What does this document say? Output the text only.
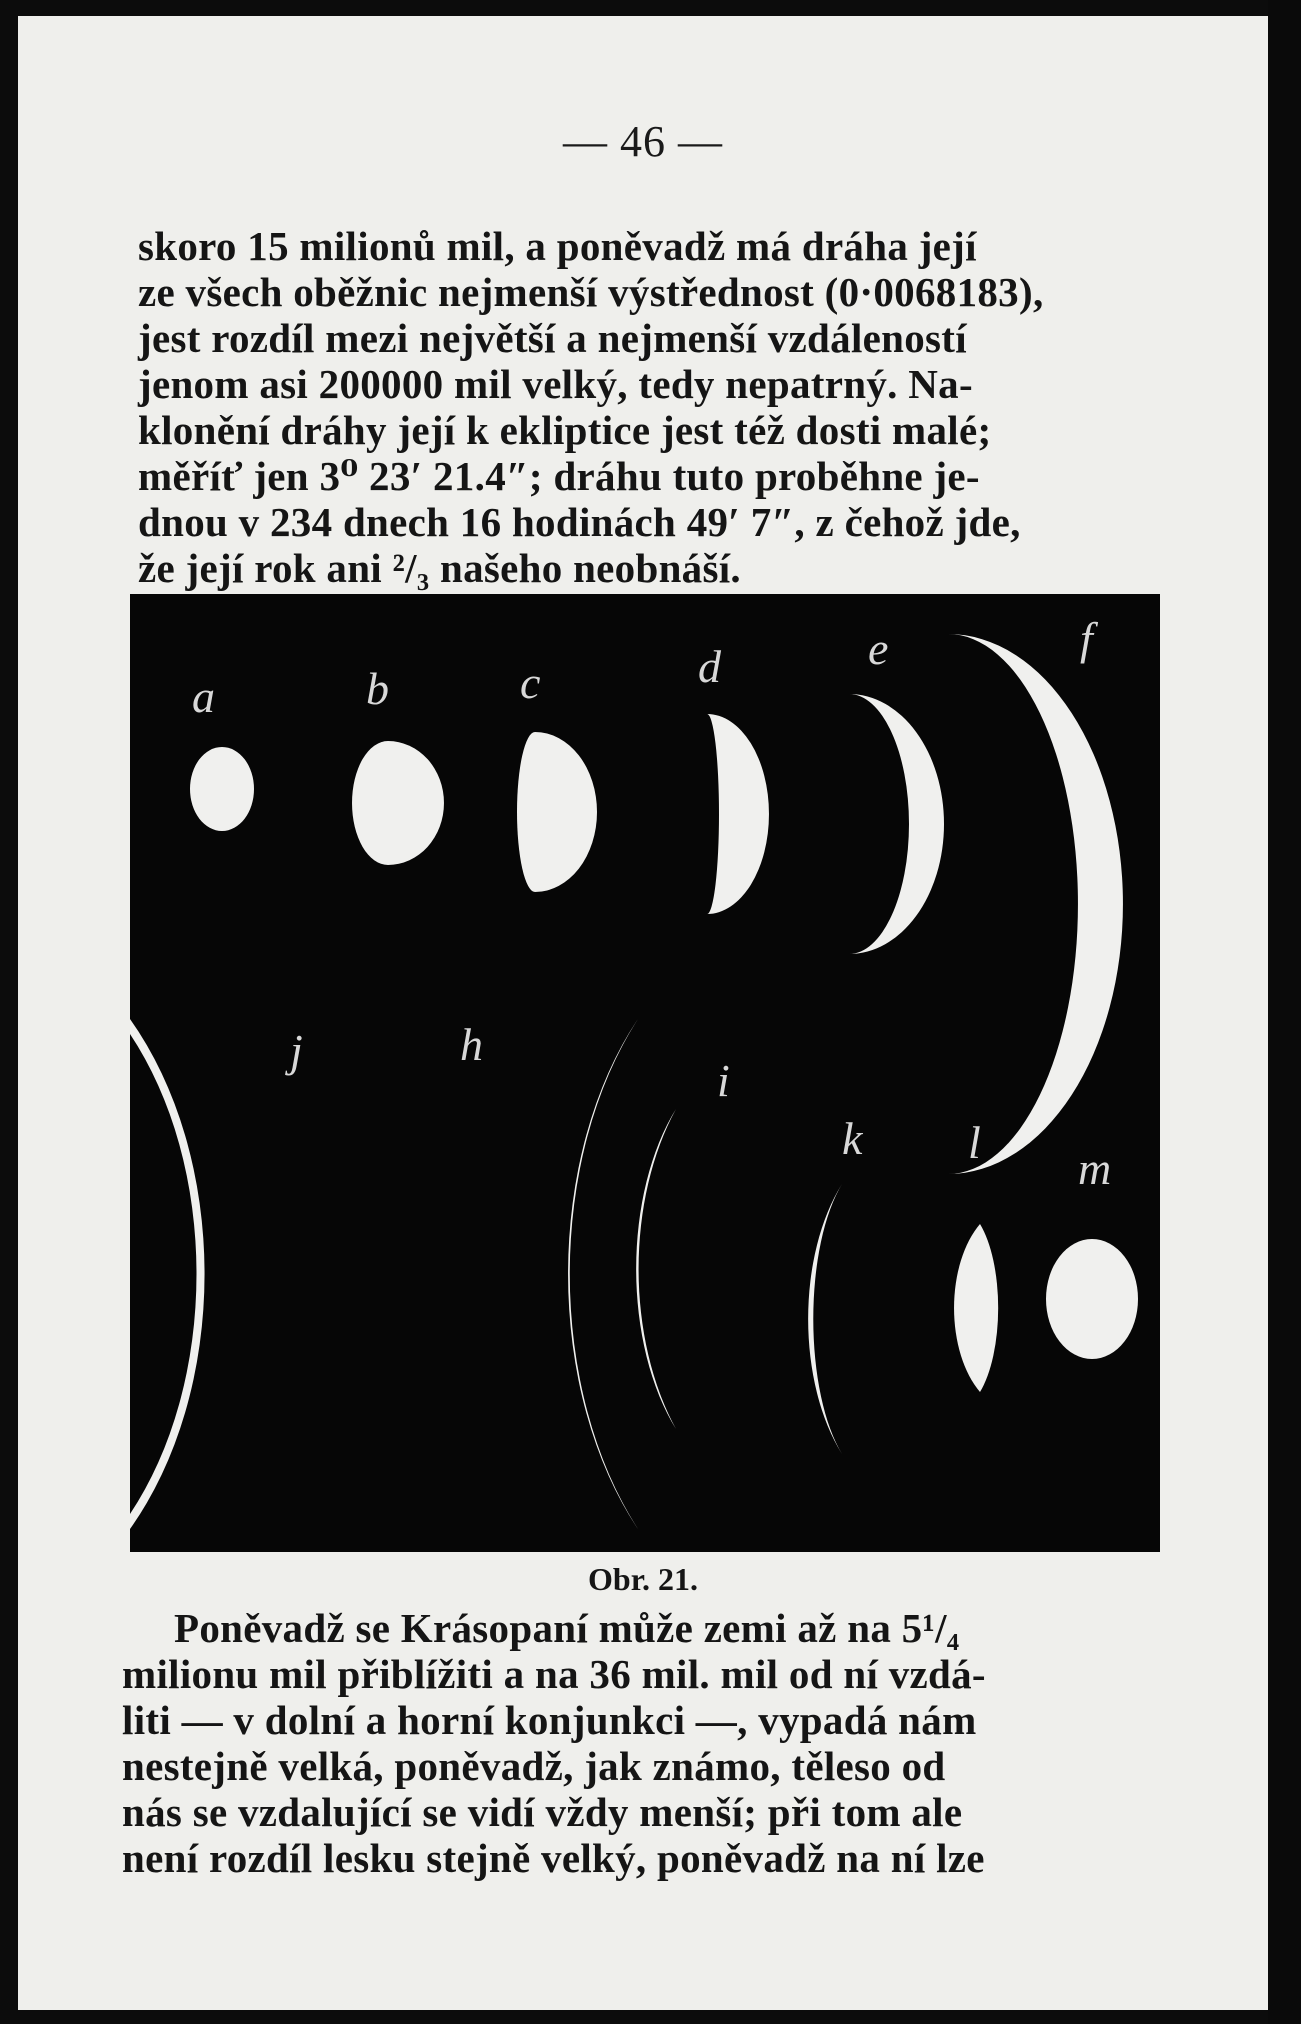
— 46 —
skoro 15 milionů mil, a poněvadž má dráha její
ze všech oběžnic nejmenší výstřednost (0·0068183),
jest rozdíl mezi největší a nejmenší vzdáleností
jenom asi 200000 mil velký, tedy nepatrný. Na-
klonění dráhy její k ekliptice jest též dosti malé;
měříť jen 3⁰ 23′ 21.4″; dráhu tuto proběhne je-
dnou v 234 dnech 16 hodinách 49′ 7″, z čehož jde,
že její rok ani ²/₃ našeho neobnáší.
a	b	c	d	e	f
j	h
i
k l
m
Obr. 21.
Poněvadž se Krásopaní může zemi až na 5¹/₄
milionu mil přiblížiti a na 36 mil. mil od ní vzdá-
liti — v dolní a horní konjunkci —, vypadá nám
nestejně velká, poněvadž, jak známo, těleso od
nás se vzdalující se vidí vždy menší; při tom ale
není rozdíl lesku stejně velký, poněvadž na ní lze
